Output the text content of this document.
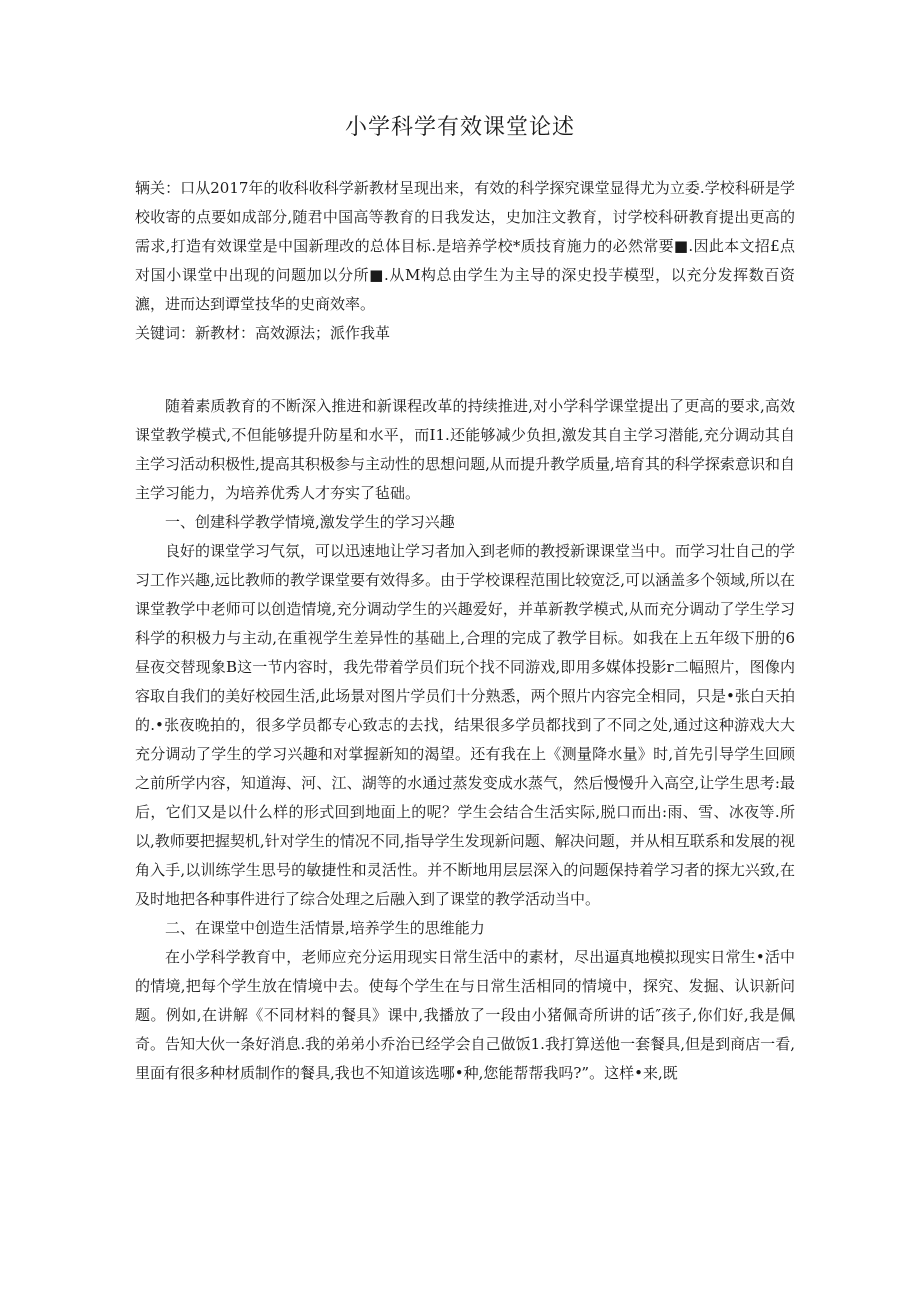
小学科学有效课堂论述

辆关：口从2017年的收科收科学新教材呈现出来，有效的科学探究课堂显得尤为立委.学校科研是学校收寄的点要如成部分,随君中国高等教育的日我发达，史加注文教育，讨学校科研教育提出更高的需求,打造有效课堂是中国新理改的总体目标.是培养学校*质技育施力的必然常要■.因此本文招£点对国小课堂中出现的问题加以分所■.从M构总由学生为主导的深史投芋模型，以充分发挥数百资瀌，进而达到谭堂技华的史商效率。

关键词：新教材：高效源法；派作我革

随着素质教育的不断深入推进和新课程改革的持续推进,对小学科学课堂提出了更高的要求,高效课堂教学模式,不但能够提升防星和水平，而I1.还能够减少负担,激发其自主学习潜能,充分调动其自主学习活动积极性,提高其积极参与主动性的思想问题,从而提升教学质量,培育其的科学探索意识和自主学习能力，为培养优秀人才夯实了毡础。

一、创建科学教学情境,激发学生的学习兴趣

良好的课堂学习气氛，可以迅速地让学习者加入到老师的教授新课课堂当中。而学习壮自己的学习工作兴趣,远比教师的教学课堂要有效得多。由于学校课程范围比较宽泛,可以涵盖多个领域,所以在课堂教学中老师可以创造情境,充分调动学生的兴趣爱好，并革新教学模式,从而充分调动了学生学习科学的积极力与主动,在重视学生差异性的基础上,合理的完成了教学目标。如我在上五年级下册的6昼夜交替现象B这一节内容时，我先带着学员们玩个找不同游戏,即用多媒体投影r二幅照片，图像内容取自我们的美好校园生活,此场景对图片学员们十分熟悉，两个照片内容完全相同，只是•张白天拍的.•张夜晚拍的，很多学员都专心致志的去找，结果很多学员都找到了不同之处,通过这种游戏大大充分调动了学生的学习兴趣和对掌握新知的渴望。还有我在上《测量降水量》时,首先引导学生回顾之前所学内容，知道海、河、江、湖等的水通过蒸发变成水蒸气，然后慢慢升入高空,让学生思考:最后，它们又是以什么样的形式回到地面上的呢？学生会结合生活实际,脱口而出:雨、雪、冰夜等.所以,教师要把握契机,针对学生的情况不同,指导学生发现新问题、解决问题，并从相互联系和发展的视角入手,以训练学生思号的敏捷性和灵活性。并不断地用层层深入的问题保持着学习者的探尢兴致,在及时地把各种事件进行了综合处理之后融入到了课堂的教学活动当中。

二、在课堂中创造生活情景,培养学生的思维能力

在小学科学教育中，老师应充分运用现实日常生活中的素材，尽出逼真地模拟现实日常生•活中的情境,把每个学生放在情境中去。使每个学生在与日常生活相同的情境中，探究、发掘、认识新问题。例如,在讲解《不同材料的餐具》课中,我播放了一段由小猪佩奇所讲的话″孩子,你们好,我是佩奇。告知大伙一条好消息.我的弟弟小乔治已经学会自己做饭1.我打算送他一套餐具,但是到商店一看,里面有很多种材质制作的餐具,我也不知道该选哪•种,您能帮帮我吗?”。这样•来,既
